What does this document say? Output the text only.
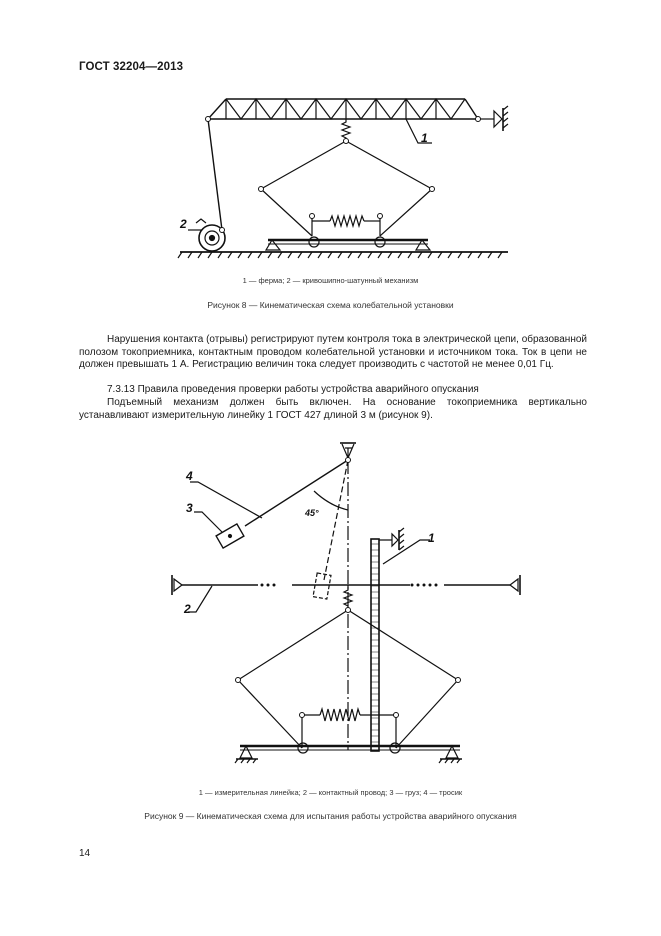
ГОСТ 32204—2013
1
2
1 — ферма; 2 — кривошипно-шатунный механизм
Рисунок 8 — Кинематическая схема колебательной установки
Нарушения контакта (отрывы) регистрируют путем контроля тока в электрической цепи, образованной полозом токоприемника, контактным проводом колебательной установки и источником тока. Ток в цепи не должен превышать 1 А. Регистрацию величин тока следует производить с частотой не менее 0,01 Гц.
7.3.13 Правила проведения проверки работы устройства аварийного опускания
Подъемный механизм должен быть включен. На основание токоприемника вертикально устанавливают измерительную линейку 1 ГОСТ 427 длиной 3 м (рисунок 9).
4
3
1
2
45°
1 — измерительная линейка; 2 — контактный провод; 3 — груз; 4 — тросик
Рисунок 9 — Кинематическая схема для испытания работы устройства аварийного опускания
14
